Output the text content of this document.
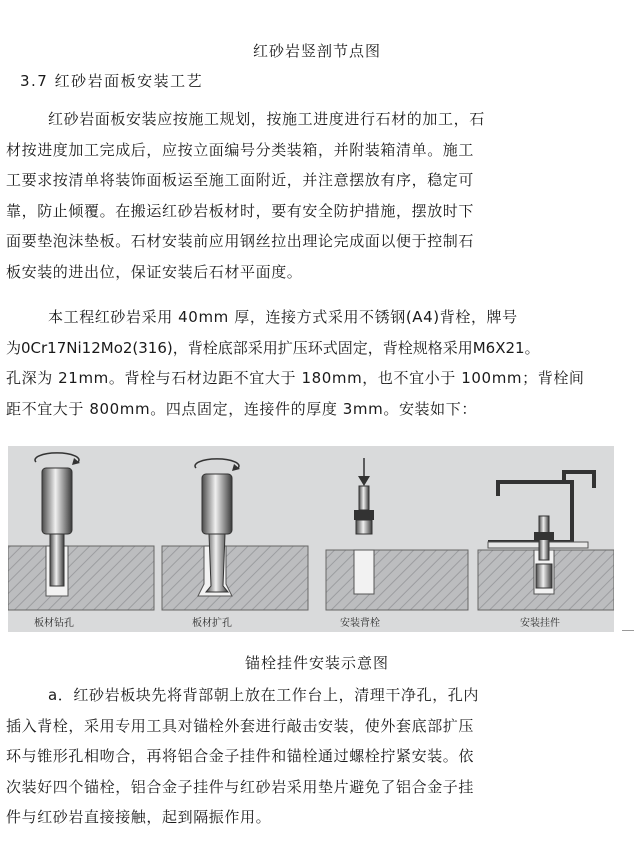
红砂岩竖剖节点图
3.7 红砂岩面板安装工艺
红砂岩面板安装应按施工规划，按施工进度进行石材的加工，石
材按进度加工完成后，应按立面编号分类装箱，并附装箱清单。施工
工要求按清单将装饰面板运至施工面附近，并注意摆放有序，稳定可
靠，防止倾覆。在搬运红砂岩板材时，要有安全防护措施，摆放时下
面要垫泡沫垫板。石材安装前应用钢丝拉出理论完成面以便于控制石
板安装的进出位，保证安装后石材平面度。
本工程红砂岩采用 40mm 厚，连接方式采用不锈钢(A4)背栓，牌号
为0Cr17Ni12Mo2(316)，背栓底部采用扩压环式固定，背栓规格采用M6X21。
孔深为 21mm。背栓与石材边距不宜大于 180mm，也不宜小于 100mm；背栓间
距不宜大于 800mm。四点固定，连接件的厚度 3mm。安装如下：
板材钻孔	板材扩孔	安装背栓	安装挂件
锚栓挂件安装示意图
a．红砂岩板块先将背部朝上放在工作台上，清理干净孔，孔内
插入背栓，采用专用工具对锚栓外套进行敲击安装，使外套底部扩压
环与锥形孔相吻合，再将铝合金子挂件和锚栓通过螺栓拧紧安装。依
次装好四个锚栓，铝合金子挂件与红砂岩采用垫片避免了铝合金子挂
件与红砂岩直接接触，起到隔振作用。
